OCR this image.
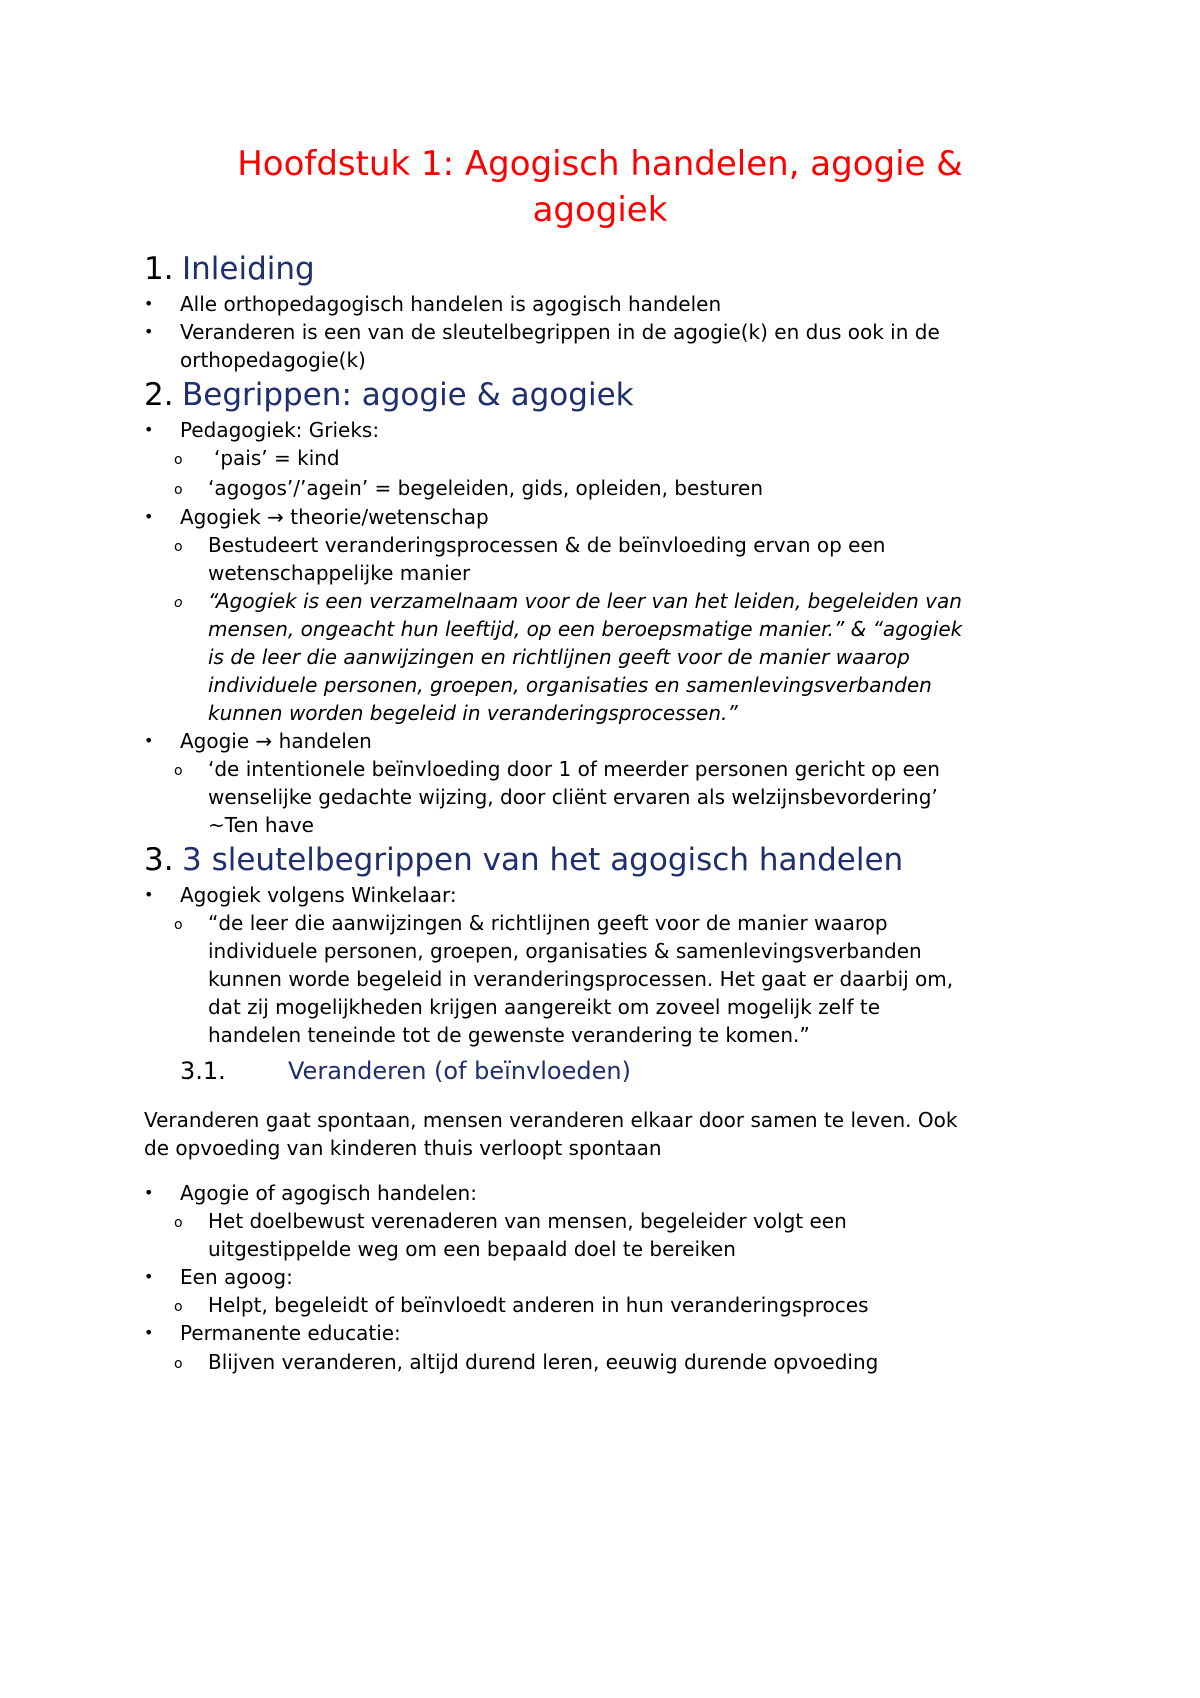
Hoofdstuk 1: Agogisch handelen, agogie &
agogiek
1. Inleiding
• Alle orthopedagogisch handelen is agogisch handelen
• Veranderen is een van de sleutelbegrippen in de agogie(k) en dus ook in de
orthopedagogie(k)
2. Begrippen: agogie & agogiek
• Pedagogiek: Grieks:
o ‘pais’ = kind
o ‘agogos’/’agein’ = begeleiden, gids, opleiden, besturen
• Agogiek → theorie/wetenschap
o Bestudeert veranderingsprocessen & de beïnvloeding ervan op een
wetenschappelijke manier
o “Agogiek is een verzamelnaam voor de leer van het leiden, begeleiden van
mensen, ongeacht hun leeftijd, op een beroepsmatige manier.” & “agogiek
is de leer die aanwijzingen en richtlijnen geeft voor de manier waarop
individuele personen, groepen, organisaties en samenlevingsverbanden
kunnen worden begeleid in veranderingsprocessen.”
• Agogie → handelen
o ‘de intentionele beïnvloeding door 1 of meerder personen gericht op een
wenselijke gedachte wijzing, door cliënt ervaren als welzijnsbevordering’
~Ten have
3. 3 sleutelbegrippen van het agogisch handelen
• Agogiek volgens Winkelaar:
o “de leer die aanwijzingen & richtlijnen geeft voor de manier waarop
individuele personen, groepen, organisaties & samenlevingsverbanden
kunnen worde begeleid in veranderingsprocessen. Het gaat er daarbij om,
dat zij mogelijkheden krijgen aangereikt om zoveel mogelijk zelf te
handelen teneinde tot de gewenste verandering te komen.”
3.1.	Veranderen (of beïnvloeden)
Veranderen gaat spontaan, mensen veranderen elkaar door samen te leven. Ook
de opvoeding van kinderen thuis verloopt spontaan
• Agogie of agogisch handelen:
o Het doelbewust verenaderen van mensen, begeleider volgt een
uitgestippelde weg om een bepaald doel te bereiken
• Een agoog:
o Helpt, begeleidt of beïnvloedt anderen in hun veranderingsproces
• Permanente educatie:
o Blijven veranderen, altijd durend leren, eeuwig durende opvoeding
